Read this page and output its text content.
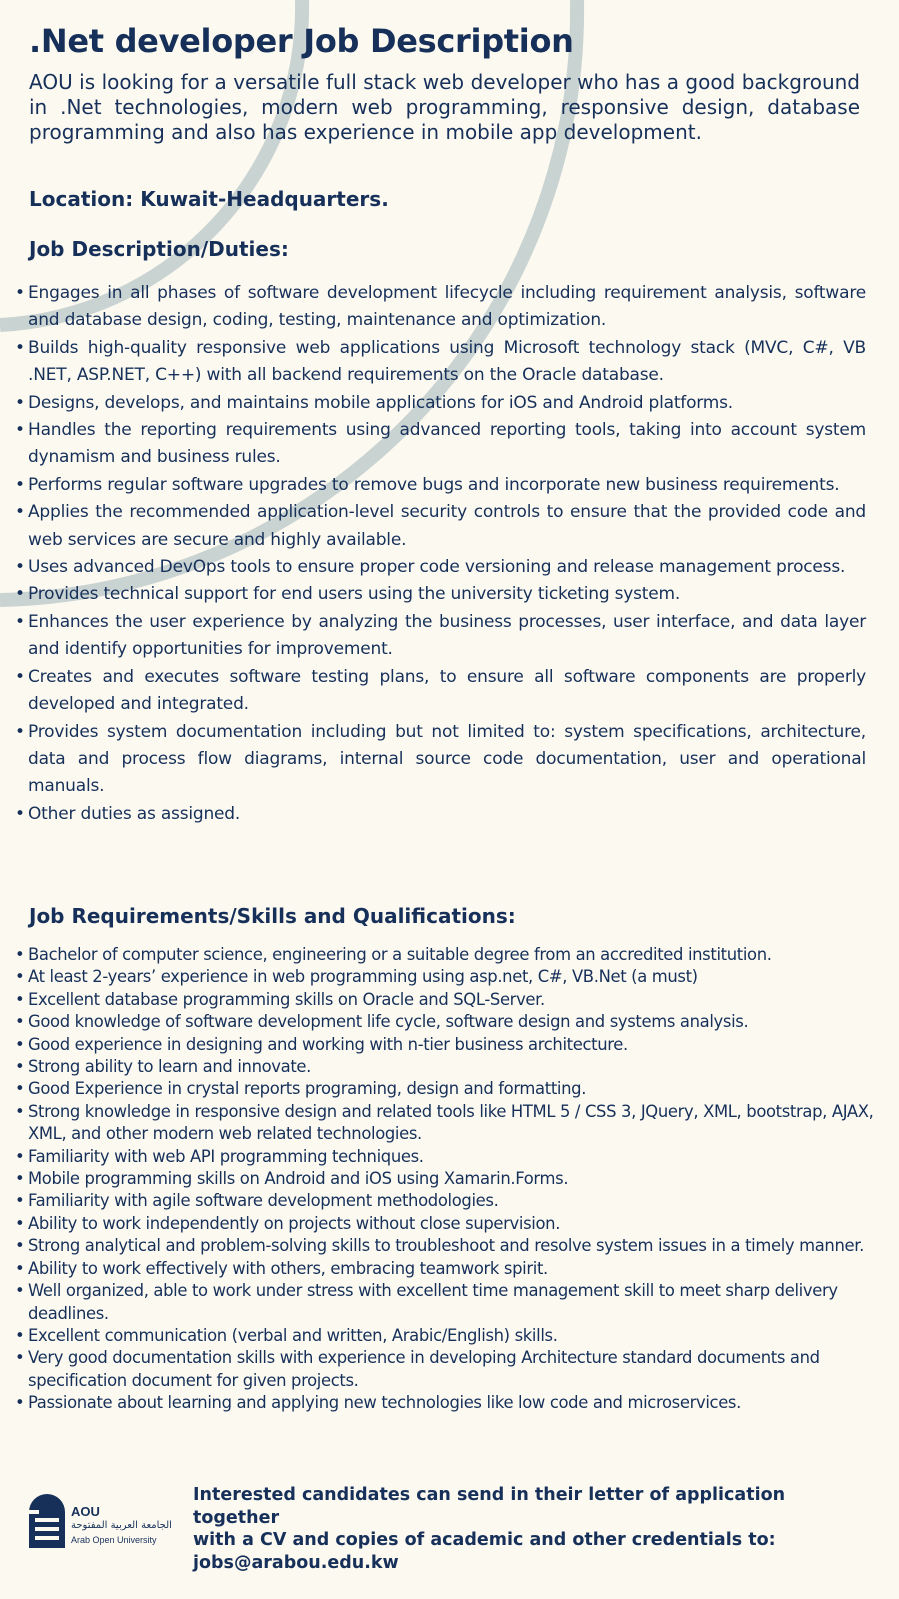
.Net developer Job Description

AOU is looking for a versatile full stack web developer who has a good background in .Net technologies, modern web programming, responsive design, database programming and also has experience in mobile app development.

Location: Kuwait-Headquarters.

Job Description/Duties:
• Engages in all phases of software development lifecycle including requirement analysis, software and database design, coding, testing, maintenance and optimization.
• Builds high-quality responsive web applications using Microsoft technology stack (MVC, C#, VB .NET, ASP.NET, C++) with all backend requirements on the Oracle database.
• Designs, develops, and maintains mobile applications for iOS and Android platforms.
• Handles the reporting requirements using advanced reporting tools, taking into account system dynamism and business rules.
• Performs regular software upgrades to remove bugs and incorporate new business requirements.
• Applies the recommended application-level security controls to ensure that the provided code and web services are secure and highly available.
• Uses advanced DevOps tools to ensure proper code versioning and release management process.
• Provides technical support for end users using the university ticketing system.
• Enhances the user experience by analyzing the business processes, user interface, and data layer and identify opportunities for improvement.
• Creates and executes software testing plans, to ensure all software components are properly developed and integrated.
• Provides system documentation including but not limited to: system specifications, architecture, data and process flow diagrams, internal source code documentation, user and operational manuals.
• Other duties as assigned.
Job Requirements/Skills and Qualifications:
• Bachelor of computer science, engineering or a suitable degree from an accredited institution.
• At least 2-years’ experience in web programming using asp.net, C#, VB.Net (a must)
• Excellent database programming skills on Oracle and SQL-Server.
• Good knowledge of software development life cycle, software design and systems analysis.
• Good experience in designing and working with n-tier business architecture.
• Strong ability to learn and innovate.
• Good Experience in crystal reports programing, design and formatting.
• Strong knowledge in responsive design and related tools like HTML 5 / CSS 3, JQuery, XML, bootstrap, AJAX, XML, and other modern web related technologies.
• Familiarity with web API programming techniques.
• Mobile programming skills on Android and iOS using Xamarin.Forms.
• Familiarity with agile software development methodologies.
• Ability to work independently on projects without close supervision.
• Strong analytical and problem-solving skills to troubleshoot and resolve system issues in a timely manner.
• Ability to work effectively with others, embracing teamwork spirit.
• Well organized, able to work under stress with excellent time management skill to meet sharp delivery deadlines.
• Excellent communication (verbal and written, Arabic/English) skills.
• Very good documentation skills with experience in developing Architecture standard documents and specification document for given projects.
• Passionate about learning and applying new technologies like low code and microservices.
AOU
الجامعة العربية المفتوحة
Arab Open University
Interested candidates can send in their letter of application together
with a CV and copies of academic and other credentials to:
jobs@arabou.edu.kw
